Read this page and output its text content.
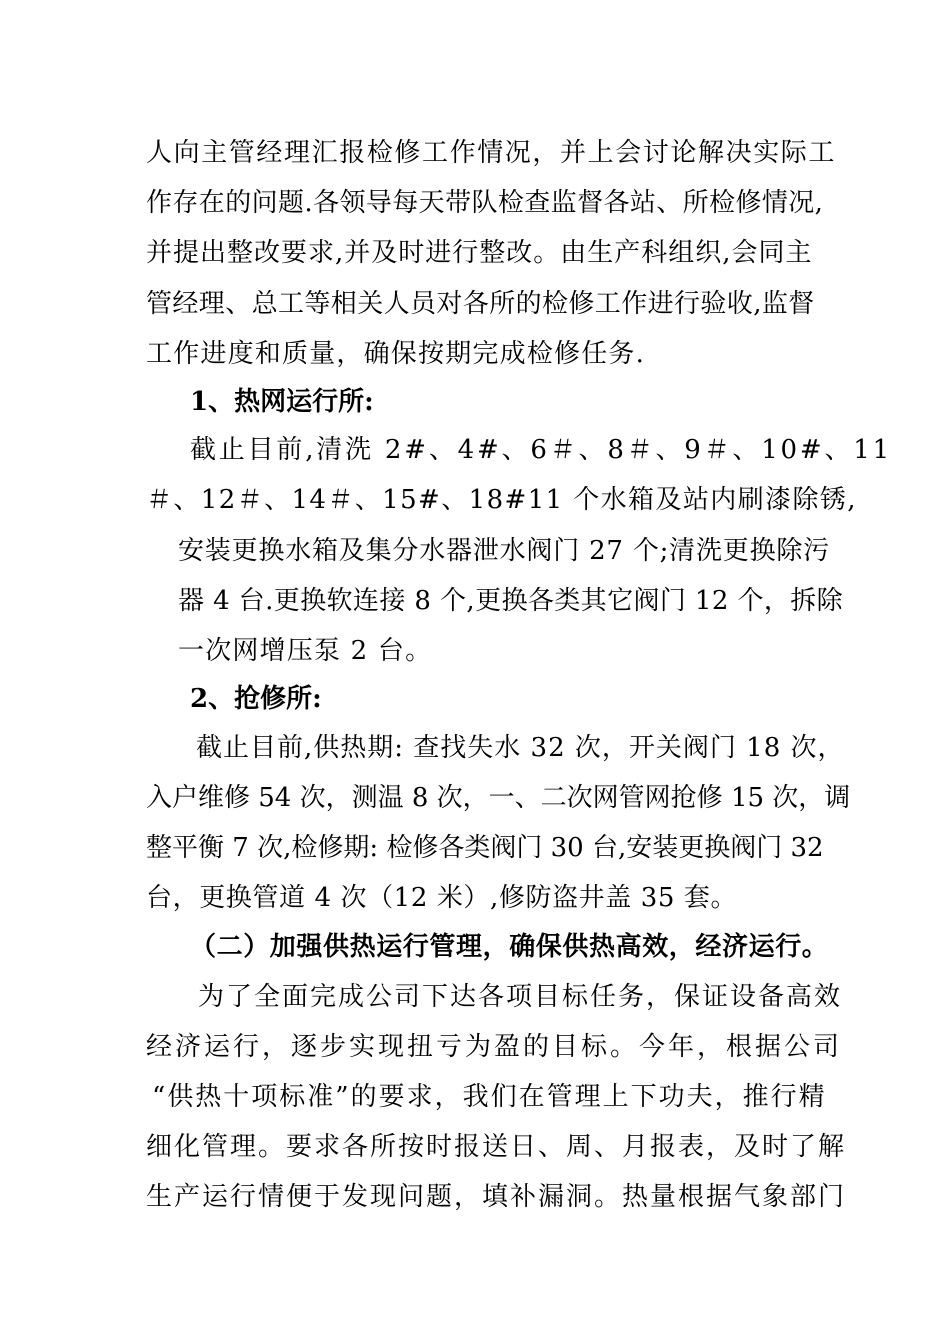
人向主管经理汇报检修工作情况，并上会讨论解决实际工
作存在的问题.各领导每天带队检查监督各站、所检修情况,
并提出整改要求,并及时进行整改。由生产科组织,会同主
管经理、总工等相关人员对各所的检修工作进行验收,监督
工作进度和质量，确保按期完成检修任务.
1、热网运行所:
截止目前,清洗 2#、4#、6＃、8＃、9＃、10#、11
＃、12＃、14＃、15#、18#11 个水箱及站内刷漆除锈,
安装更换水箱及集分水器泄水阀门 27 个;清洗更换除污
器 4 台.更换软连接 8 个,更换各类其它阀门 12 个，拆除
一次网增压泵 2 台。
2、抢修所:
截止目前,供热期: 查找失水 32 次，开关阀门 18 次，
入户维修 54 次，测温 8 次，一、二次网管网抢修 15 次，调
整平衡 7 次,检修期: 检修各类阀门 30 台,安装更换阀门 32
台，更换管道 4 次（12 米）,修防盗井盖 35 套。
（二）加强供热运行管理，确保供热高效，经济运行。
为了全面完成公司下达各项目标任务，保证设备高效
经济运行，逐步实现扭亏为盈的目标。今年，根据公司
“供热十项标准”的要求，我们在管理上下功夫，推行精
细化管理。要求各所按时报送日、周、月报表，及时了解
生产运行情便于发现问题，填补漏洞。热量根据气象部门
